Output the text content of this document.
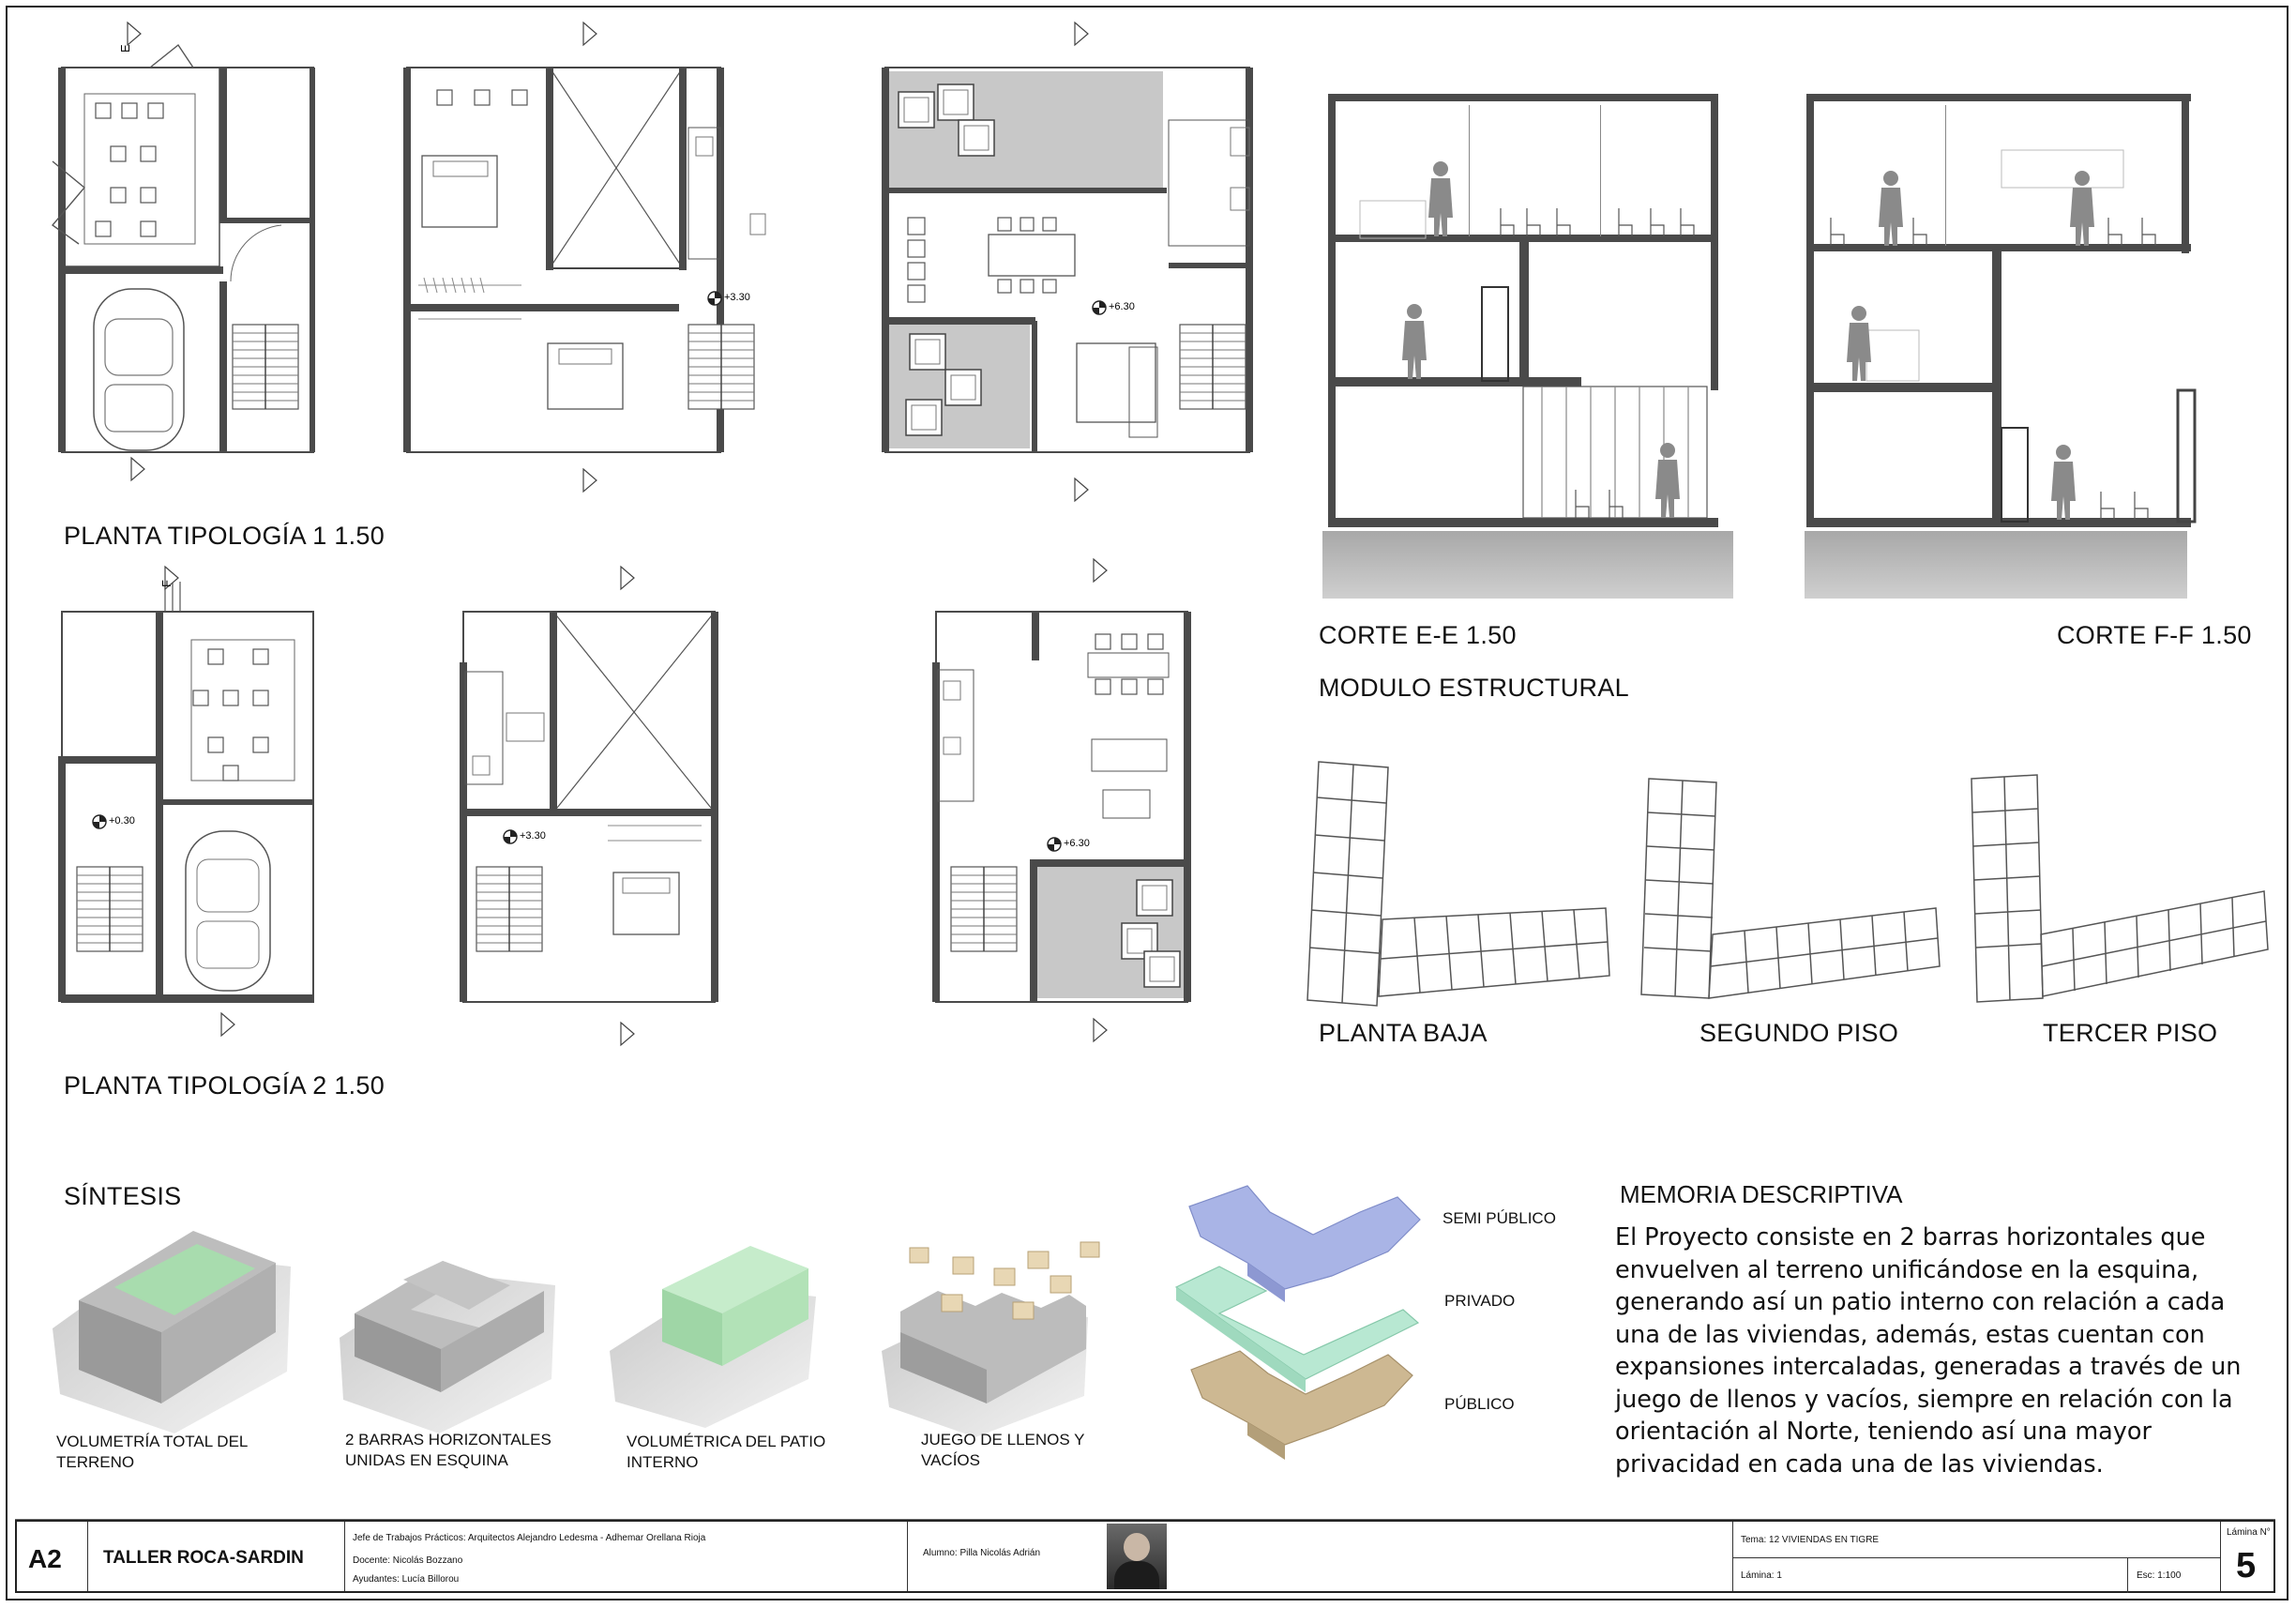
E
+3.30
+6.30
+0.30
F
+3.30
+6.30
PLANTA TIPOLOGÍA 1 1.50
PLANTA TIPOLOGÍA 2 1.50
CORTE E-E 1.50	CORTE F-F 1.50
MODULO ESTRUCTURAL
PLANTA BAJA	SEGUNDO PISO	TERCER PISO
SÍNTESIS
VOLUMETRÍA TOTAL DEL
TERRENO
2 BARRAS HORIZONTALES
UNIDAS EN ESQUINA
VOLUMÉTRICA DEL PATIO
INTERNO
JUEGO DE LLENOS Y
VACÍOS
SEMI PÚBLICO
PRIVADO
PÚBLICO
MEMORIA DESCRIPTIVA
El Proyecto consiste en 2 barras horizontales que envuelven al terreno unificándose en la esquina, generando así un patio interno con relación a cada una de las viviendas, además, estas cuentan con expansiones intercaladas, generadas a través de un juego de llenos y vacíos, siempre en relación con la orientación al Norte, teniendo así una mayor privacidad en cada una de las viviendas.
A2 TALLER ROCA-SARDIN
Jefe de Trabajos Prácticos: Arquitectos Alejandro Ledesma - Adhemar Orellana Rioja
Docente: Nicolás Bozzano
Ayudantes: Lucía Billorou
Alumno: Pilla Nicolás Adrián
Tema: 12 VIVIENDAS EN TIGRE
Lámina: 1	Esc: 1:100
Lámina N°
5
